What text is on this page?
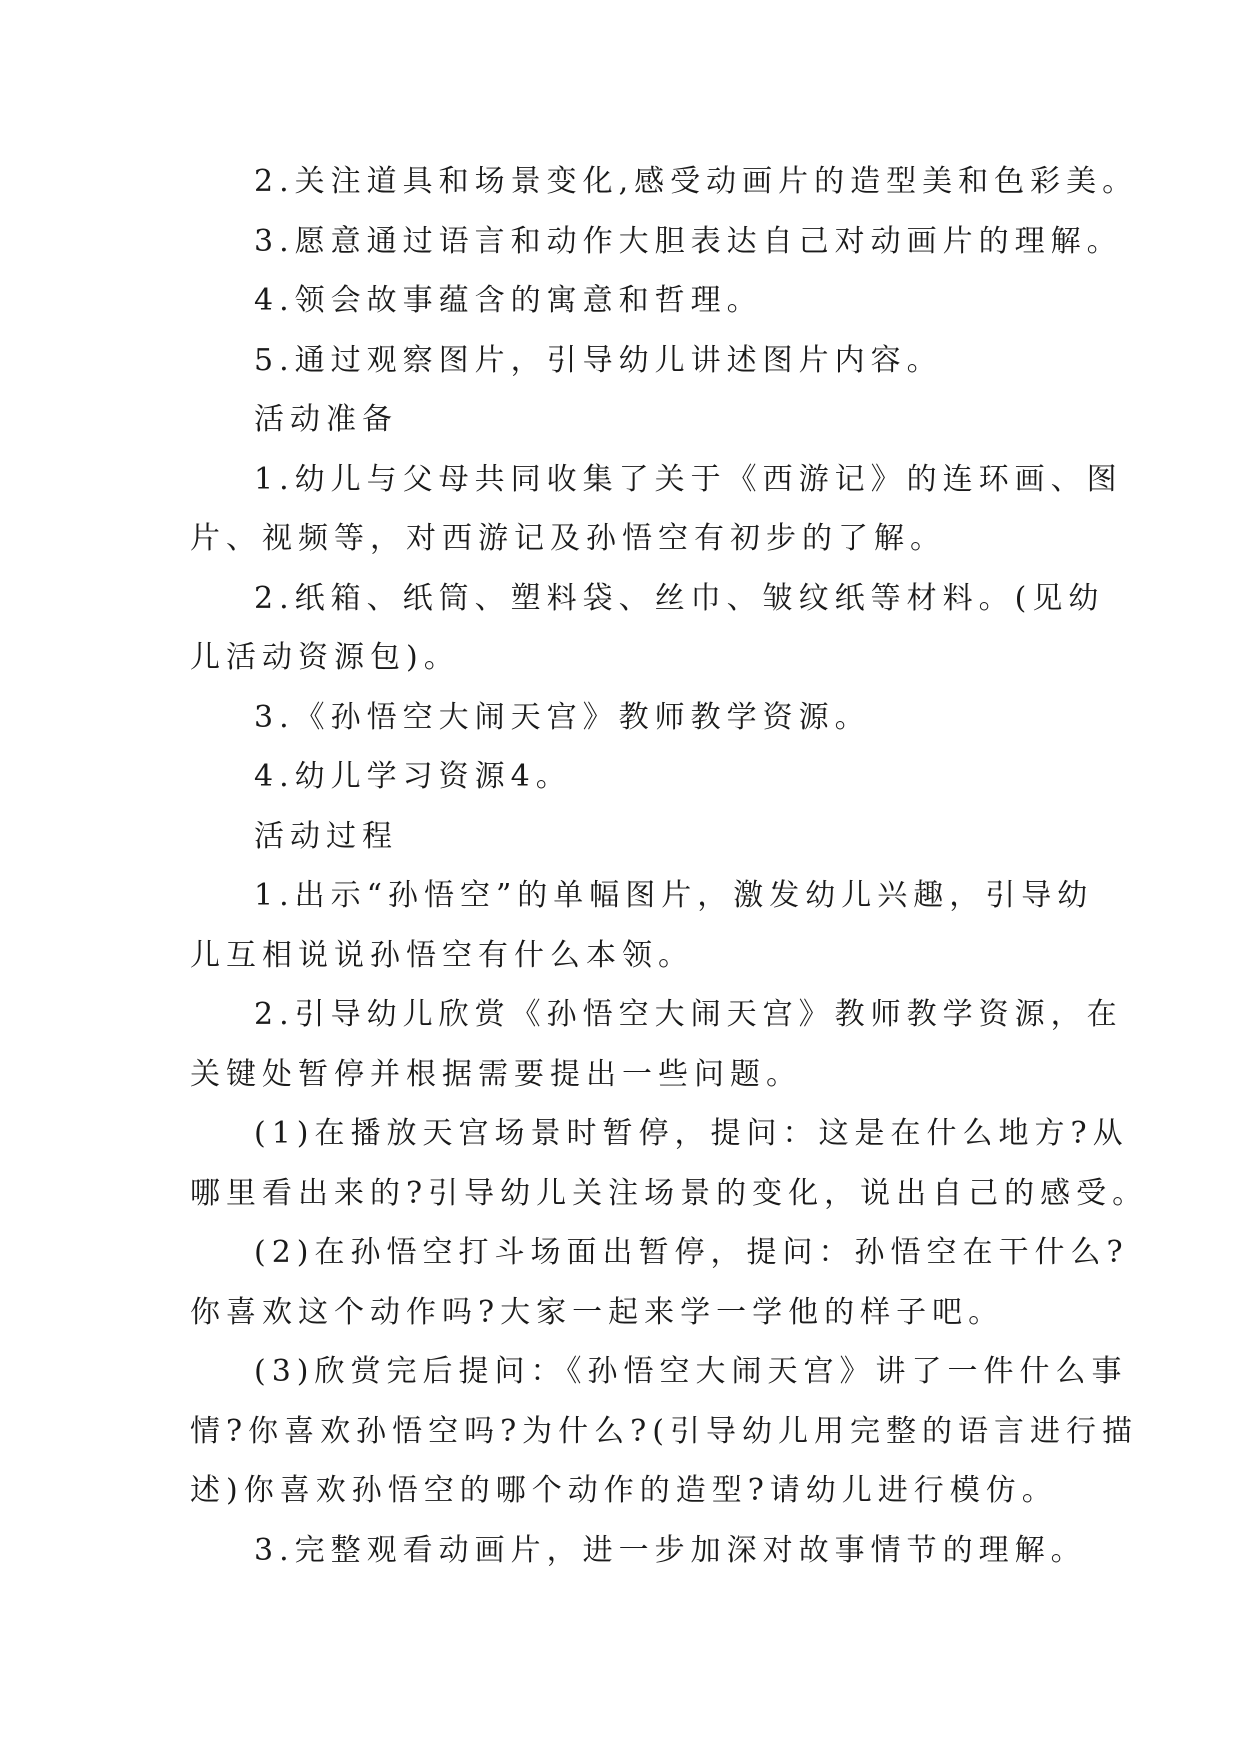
2.关注道具和场景变化,感受动画片的造型美和色彩美。

3.愿意通过语言和动作大胆表达自己对动画片的理解。

4.领会故事蕴含的寓意和哲理。

5.通过观察图片，引导幼儿讲述图片内容。

活动准备

1.幼儿与父母共同收集了关于《西游记》的连环画、图

片、视频等，对西游记及孙悟空有初步的了解。

2.纸箱、纸筒、塑料袋、丝巾、皱纹纸等材料。(见幼

儿活动资源包)。

3.《孙悟空大闹天宫》教师教学资源。

4.幼儿学习资源4。

活动过程

1.出示“孙悟空”的单幅图片，激发幼儿兴趣，引导幼

儿互相说说孙悟空有什么本领。

2.引导幼儿欣赏《孙悟空大闹天宫》教师教学资源，在

关键处暂停并根据需要提出一些问题。

(1)在播放天宫场景时暂停，提问：这是在什么地方?从

哪里看出来的?引导幼儿关注场景的变化，说出自己的感受。

(2)在孙悟空打斗场面出暂停，提问：孙悟空在干什么?

你喜欢这个动作吗?大家一起来学一学他的样子吧。

(3)欣赏完后提问：《孙悟空大闹天宫》讲了一件什么事

情?你喜欢孙悟空吗?为什么?(引导幼儿用完整的语言进行描

述)你喜欢孙悟空的哪个动作的造型?请幼儿进行模仿。

3.完整观看动画片，进一步加深对故事情节的理解。
